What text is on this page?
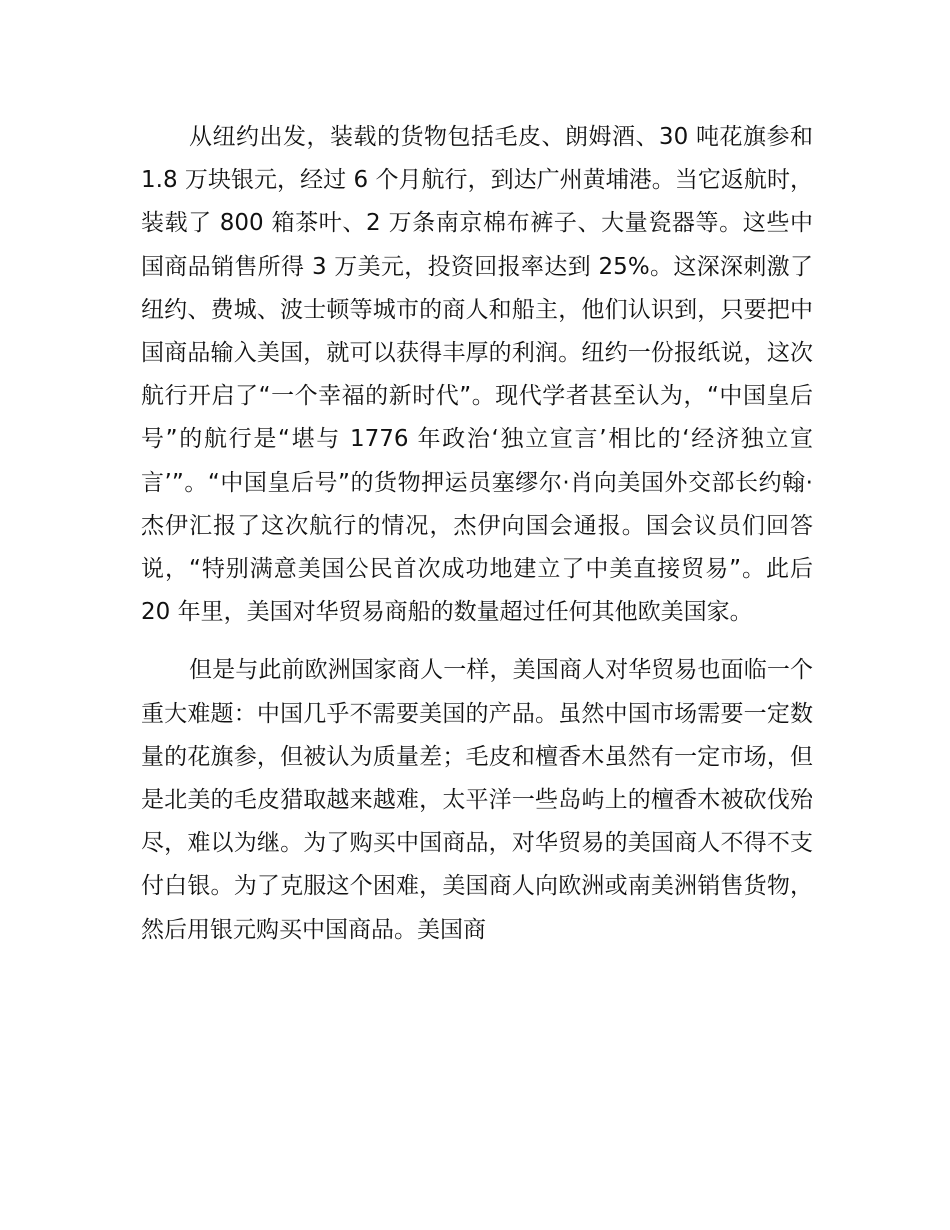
从纽约出发，装载的货物包括毛皮、朗姆酒、30 吨花旗参和 1.8 万块银元，经过 6 个月航行，到达广州黄埔港。当它返航时，装载了 800 箱茶叶、2 万条南京棉布裤子、大量瓷器等。这些中国商品销售所得 3 万美元，投资回报率达到 25%。这深深刺激了纽约、费城、波士顿等城市的商人和船主，他们认识到，只要把中国商品输入美国，就可以获得丰厚的利润。纽约一份报纸说，这次航行开启了“一个幸福的新时代”。现代学者甚至认为，“中国皇后号”的航行是“堪与 1776 年政治‘独立宣言’相比的‘经济独立宣言’”。“中国皇后号”的货物押运员塞缪尔·肖向美国外交部长约翰·杰伊汇报了这次航行的情况，杰伊向国会通报。国会议员们回答说，“特别满意美国公民首次成功地建立了中美直接贸易”。此后 20 年里，美国对华贸易商船的数量超过任何其他欧美国家。

但是与此前欧洲国家商人一样，美国商人对华贸易也面临一个重大难题：中国几乎不需要美国的产品。虽然中国市场需要一定数量的花旗参，但被认为质量差；毛皮和檀香木虽然有一定市场，但是北美的毛皮猎取越来越难，太平洋一些岛屿上的檀香木被砍伐殆尽，难以为继。为了购买中国商品，对华贸易的美国商人不得不支付白银。为了克服这个困难，美国商人向欧洲或南美洲销售货物，然后用银元购买中国商品。美国商
